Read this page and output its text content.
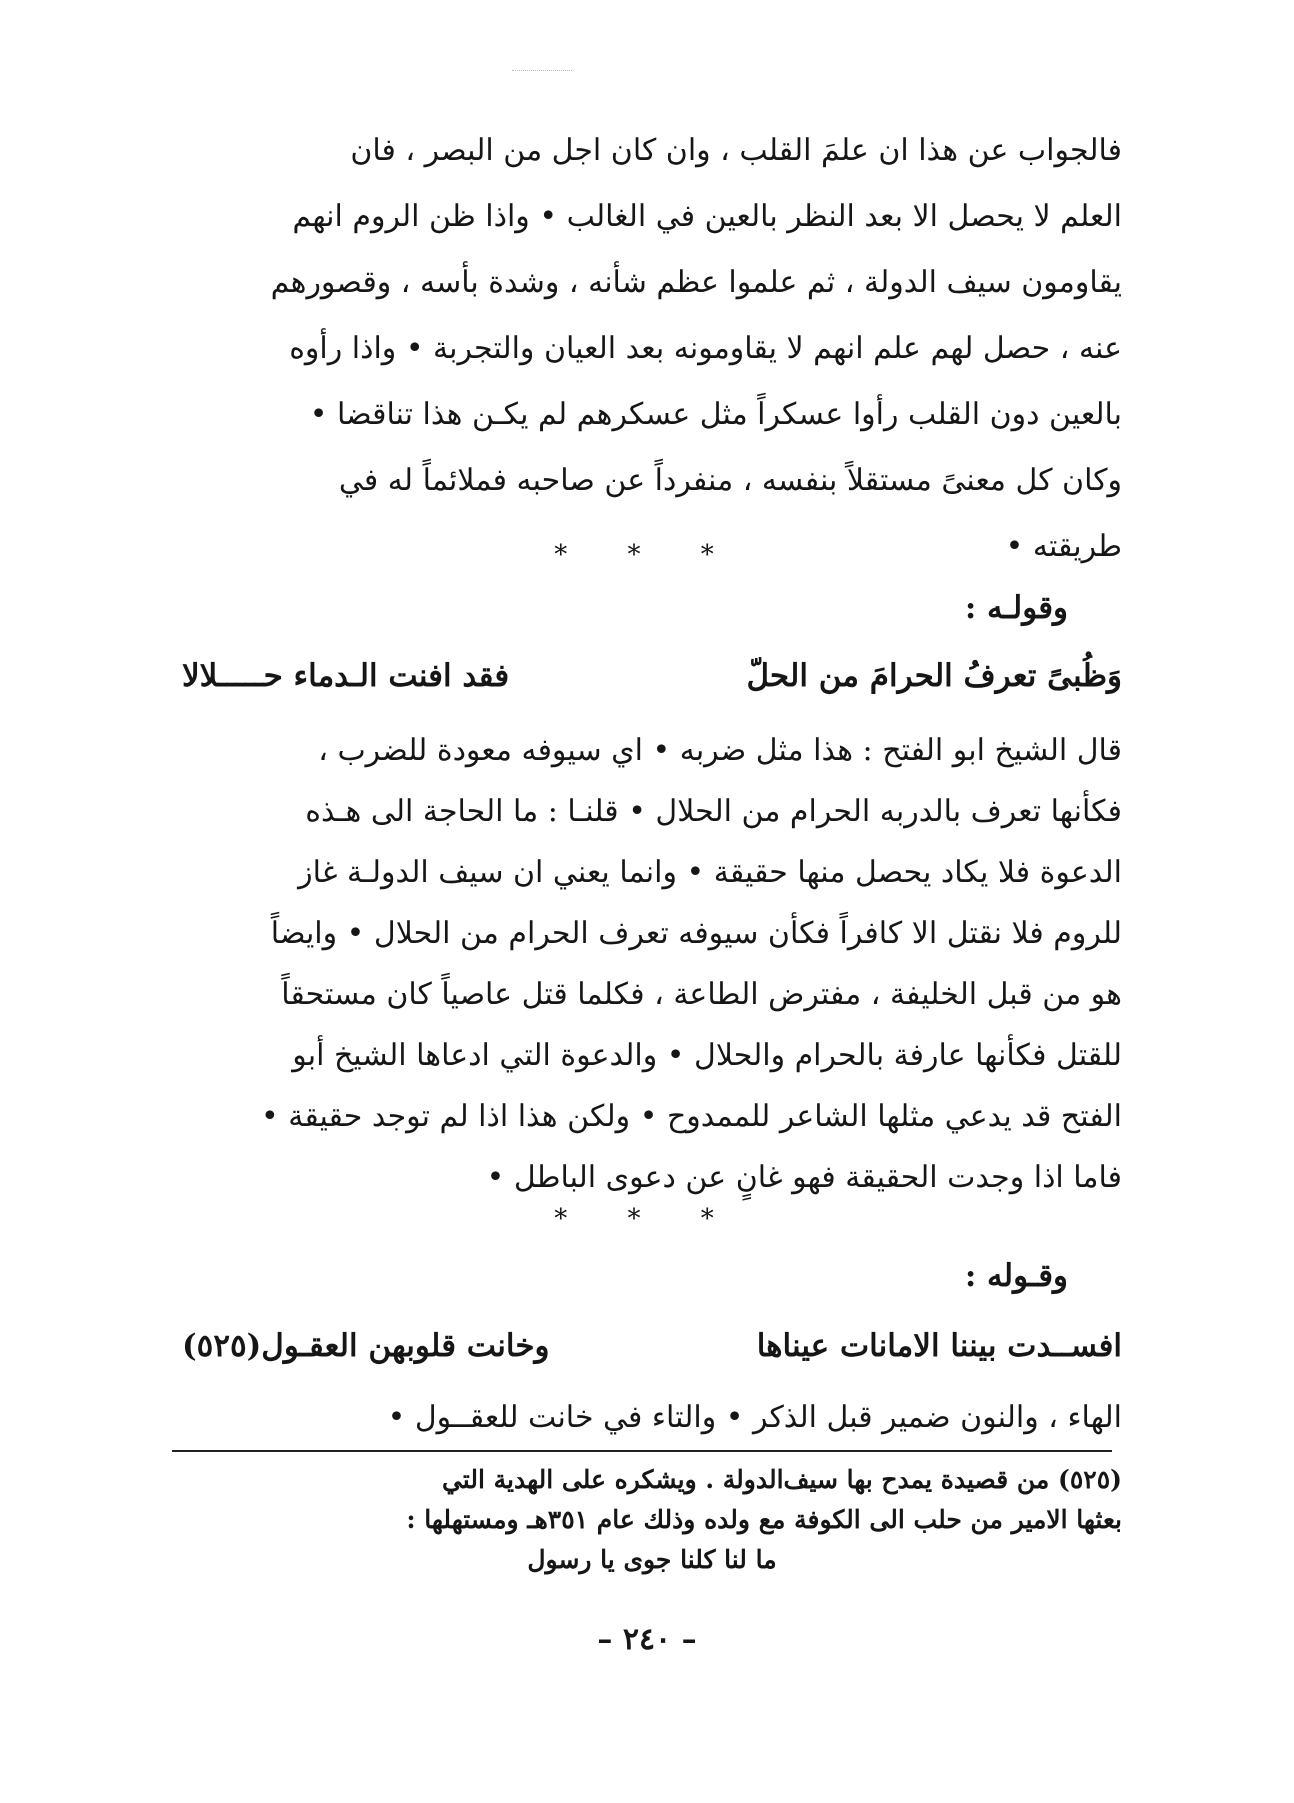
فالجواب عن هذا ان علمَ القلب ، وان كان اجل من البصر ، فان
العلم لا يحصل الا بعد النظر بالعين في الغالب • واذا ظن الروم انهم
يقاومون سيف الدولة ، ثم علموا عظم شأنه ، وشدة بأسه ، وقصورهم
عنه ، حصل لهم علم انهم لا يقاومونه بعد العيان والتجربة • واذا رأوه
بالعين دون القلب رأوا عسكراً مثل عسكرهم لم يكـن هذا تناقضا •
وكان كل معنىً مستقلاً بنفسه ، منفرداً عن صاحبه فملائماً له في
طريقته •
* * *
وقولـه :
وَظُبىً تعرفُ الحرامَ من الحلّ
فقد افنت الـدماء حـــــلالا
قال الشيخ ابو الفتح : هذا مثل ضربه • اي سيوفه معودة للضرب ،
فكأنها تعرف بالدربه الحرام من الحلال • قلنـا : ما الحاجة الى هـذه
الدعوة فلا يكاد يحصل منها حقيقة • وانما يعني ان سيف الدولـة غاز
للروم فلا نقتل الا كافراً فكأن سيوفه تعرف الحرام من الحلال • وايضاً
هو من قبل الخليفة ، مفترض الطاعة ، فكلما قتل عاصياً كان مستحقاً
للقتل فكأنها عارفة بالحرام والحلال • والدعوة التي ادعاها الشيخ أبو
الفتح قد يدعي مثلها الشاعر للممدوح • ولكن هذا اذا لم توجد حقيقة •
فاما اذا وجدت الحقيقة فهو غانٍ عن دعوى الباطل •
* * *
وقـوله :
افســدت بيننا الامانات عيناها
وخانت قلوبهن العقـول(٥٢٥)
الهاء ، والنون ضمير قبل الذكر • والتاء في خانت للعقــول •
(٥٢٥) من قصيدة يمدح بها سيف‌الدولة . ويشكره على الهدية التي
بعثها الامير من حلب الى الكوفة مع ولده وذلك عام ٣٥١هـ ومستهلها :
ما لنا كلنا جوى يا رسول
– ٢٤٠ –
